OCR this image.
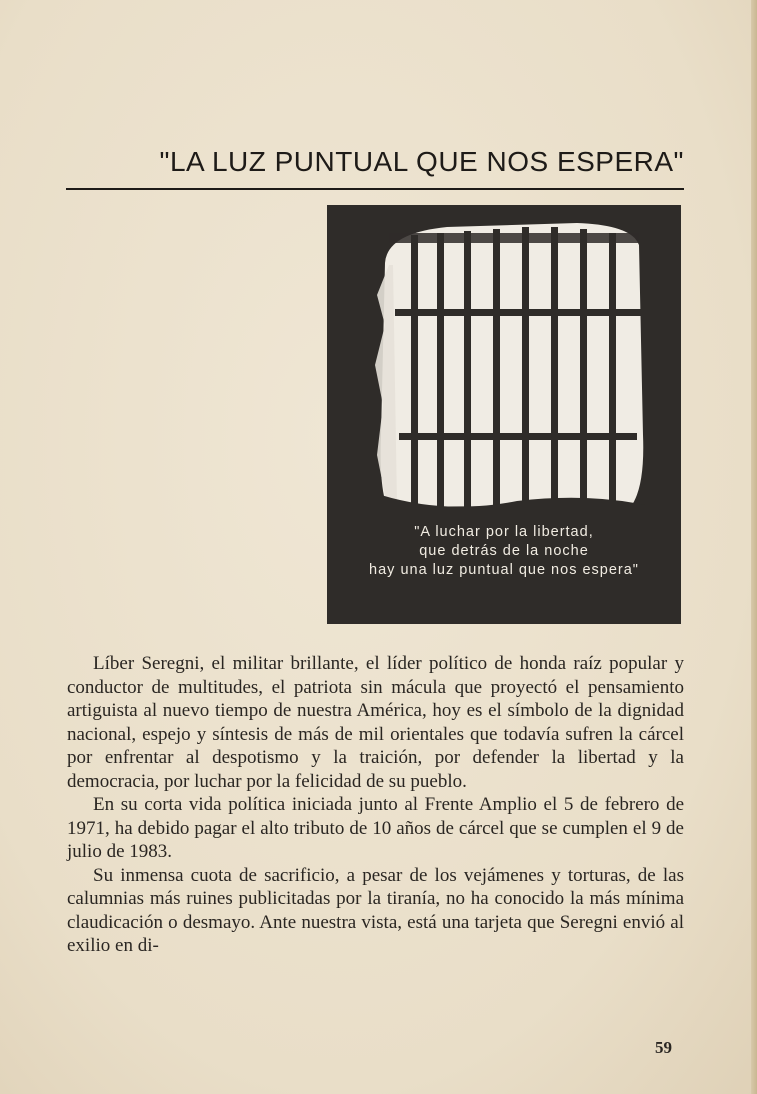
"LA LUZ PUNTUAL QUE NOS ESPERA"
"A luchar por la libertad,
que detrás de la noche
hay una luz puntual que nos espera"

Líber Seregni, el militar brillante, el líder político de honda raíz popular y conductor de multitudes, el patriota sin mácula que proyectó el pensamiento artiguista al nuevo tiempo de nuestra América, hoy es el símbolo de la dignidad nacional, espejo y síntesis de más de mil orientales que todavía sufren la cárcel por enfrentar al despotismo y la traición, por defender la libertad y la democracia, por luchar por la felicidad de su pueblo.

En su corta vida política iniciada junto al Frente Amplio el 5 de febrero de 1971, ha debido pagar el alto tributo de 10 años de cárcel que se cumplen el 9 de julio de 1983.

Su inmensa cuota de sacrificio, a pesar de los vejámenes y torturas, de las calumnias más ruines publicitadas por la tiranía, no ha conocido la más mínima claudicación o desmayo. Ante nuestra vista, está una tarjeta que Seregni envió al exilio en di-

59
